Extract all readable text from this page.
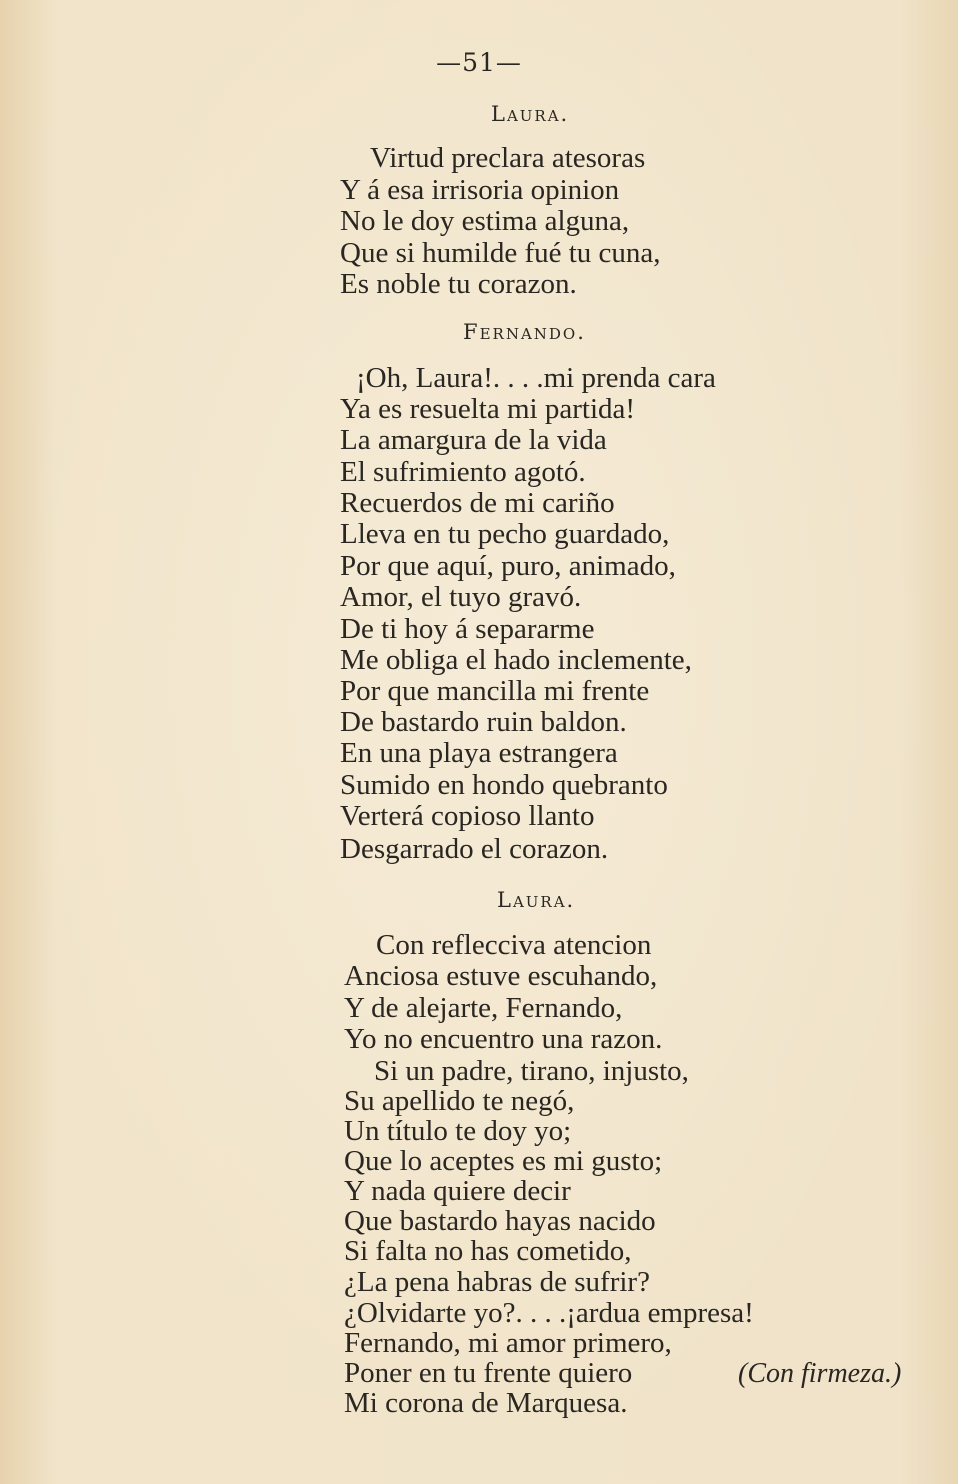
—51—
Laura.
Virtud preclara atesoras
Y á esa irrisoria opinion
No le doy estima alguna,
Que si humilde fué tu cuna,
Es noble tu corazon.
Fernando.
¡Oh, Laura!. . . .mi prenda cara
Ya es resuelta mi partida!
La amargura de la vida
El sufrimiento agotó.
Recuerdos de mi cariño
Lleva en tu pecho guardado,
Por que aquí, puro, animado,
Amor, el tuyo gravó.
De ti hoy á separarme
Me obliga el hado inclemente,
Por que mancilla mi frente
De bastardo ruin baldon.
En una playa estrangera
Sumido en hondo quebranto
Verterá copioso llanto
Desgarrado el corazon.
Laura.
Con reflecciva atencion
Anciosa estuve escuhando,
Y de alejarte, Fernando,
Yo no encuentro una razon.
Si un padre, tirano, injusto,
Su apellido te negó,
Un título te doy yo;
Que lo aceptes es mi gusto;
Y nada quiere decir
Que bastardo hayas nacido
Si falta no has cometido,
¿La pena habras de sufrir?
¿Olvidarte yo?. . . .¡ardua empresa!
Fernando, mi amor primero,
Poner en tu frente quiero
Mi corona de Marquesa.
(Con firmeza.)
